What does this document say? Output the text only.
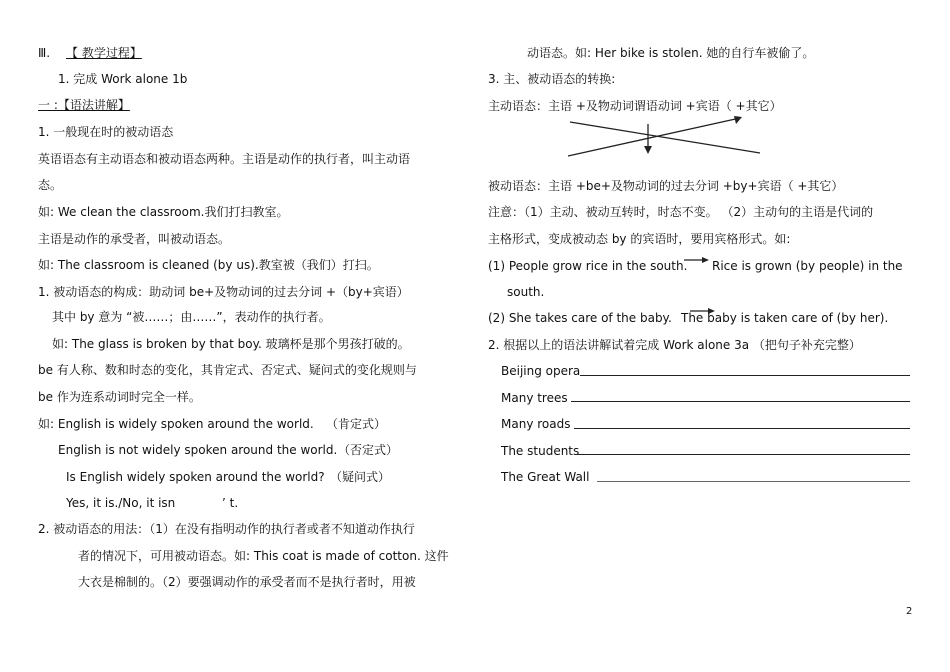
Ⅲ. 【 教学过程】
1. 完成 Work alone 1b
一 :【语法讲解】
1. 一般现在时的被动语态
英语语态有主动语态和被动语态两种。主语是动作的执行者，叫主动语
态。
如: We clean the classroom.我们打扫教室。
主语是动作的承受者，叫被动语态。
如: The classroom is cleaned (by us).教室被（我们）打扫。
1. 被动语态的构成：助动词 be+及物动词的过去分词 +（by+宾语）
其中 by 意为 “被……；由……”，表动作的执行者。
如: The glass is broken by that boy. 玻璃杯是那个男孩打破的。
be 有人称、数和时态的变化，其肯定式、否定式、疑问式的变化规则与
be 作为连系动词时完全一样。
如: English is widely spoken around the world. （肯定式）
English is not widely spoken around the world. （否定式）
Is English widely spoken around the world? （疑问式）
Yes, it is./No, it isn	’ t.
2. 被动语态的用法：（1）在没有指明动作的执行者或者不知道动作执行
者的情况下，可用被动语态。如: This coat is made of cotton. 这件
大衣是棉制的。（2）要强调动作的承受者而不是执行者时，用被
动语态。如: Her bike is stolen. 她的自行车被偷了。
3. 主、被动语态的转换:
主动语态：主语 +及物动词谓语动词 +宾语（ +其它）
被动语态：主语 +be+及物动词的过去分词 +by+宾语（ +其它）
注意：（1）主动、被动互转时，时态不变。 （2）主动句的主语是代词的
主格形式，变成被动态 by 的宾语时，要用宾格形式。如:
(1) People grow rice in the south. Rice is grown (by people) in the
south.
(2) She takes care of the baby. The baby is taken care of (by her).
2. 根据以上的语法讲解试着完成 Work alone 3a （把句子补充完整）
Beijing opera
Many trees
Many roads
The students
The Great Wall
2
